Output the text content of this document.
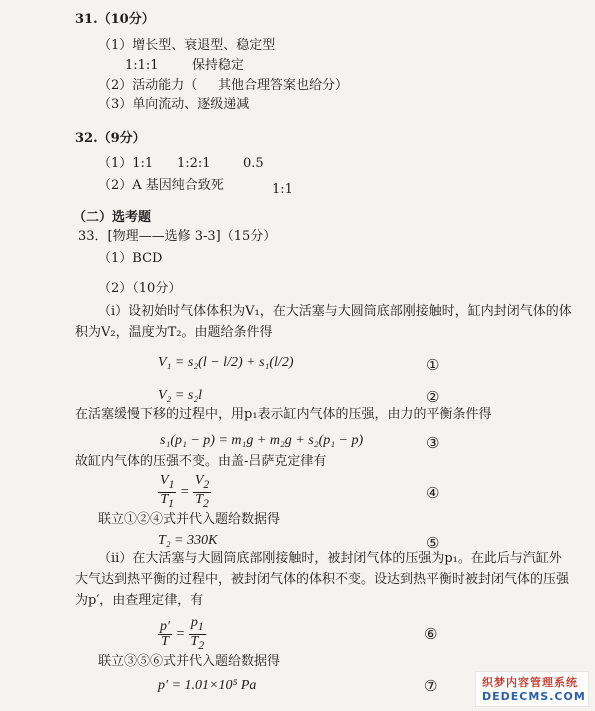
31.（10分）
（1）增长型、衰退型、稳定型
1:1:1	保持稳定
（2）活动能力（ 其他合理答案也给分）
（3）单向流动、逐级递减
32.（9分）
（1）1:1 1:2:1 0.5
（2）A 基因纯合致死	1:1
（二）选考题
33．[物理——选修 3-3]（15分）
（1）BCD
（2）（10分）
（i）设初始时气体体积为V₁，在大活塞与大圆筒底部刚接触时，缸内封闭气体的体
积为V₂，温度为T₂。由题给条件得
V₁ = s₂(l − l/2) + s₁(l/2)	①
V₂ = s₂l	②
在活塞缓慢下移的过程中，用p₁表示缸内气体的压强，由力的平衡条件得
s₁(p₁ − p) = m₁g + m₂g + s₂(p₁ − p)	③
故缸内气体的压强不变。由盖-吕萨克定律有
$\frac{V_1}{T_1} = \frac{V_2}{T_2}$	④
联立①②④式并代入题给数据得
T₂ = 330K	⑤
（ii）在大活塞与大圆筒底部刚接触时，被封闭气体的压强为p₁。在此后与汽缸外
大气达到热平衡的过程中，被封闭气体的体积不变。设达到热平衡时被封闭气体的压强
为p′，由查理定律，有
$\frac{p'}{T} = \frac{p_1}{T_2}$	⑥
联立③⑤⑥式并代入题给数据得
p′ = 1.01×10⁵ Pa	⑦	织梦内容管理系统
DEDECMS.COM
